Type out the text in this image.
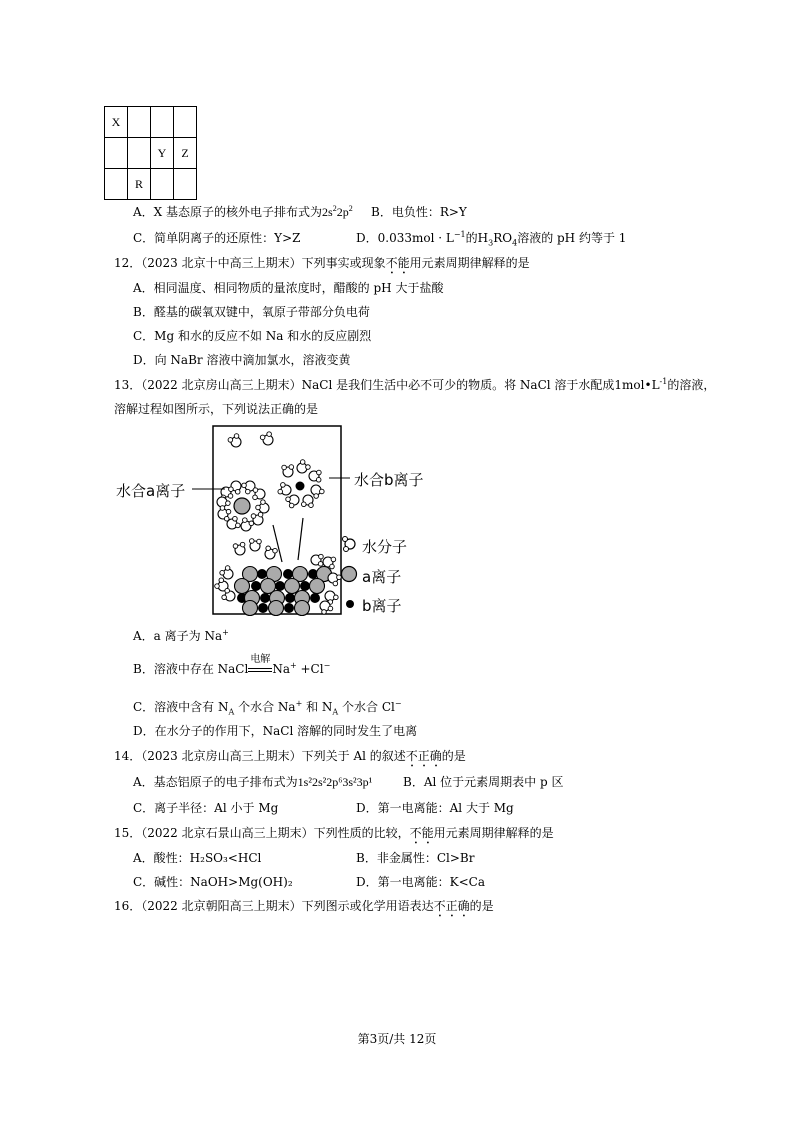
X			
		Y	Z
	R		
A．X 基态原子的核外电子排布式为$2s^22p^2$ B．电负性：R>Y
C．简单阴离子的还原性：Y>Z	D．$0.033mol \cdot L^{-1}$的$H_3RO_4$溶液的 pH 约等于 1
12．（2023 北京十中高三上期末）下列事实或现象不能用元素周期律解释的是
A．相同温度、相同物质的量浓度时，醋酸的 pH 大于盐酸
B．醛基的碳氧双键中，氧原子带部分负电荷
C．Mg 和水的反应不如 Na 和水的反应剧烈
D．向 NaBr 溶液中滴加氯水，溶液变黄
13．（2022 北京房山高三上期末）NaCl 是我们生活中必不可少的物质。将 NaCl 溶于水配成$1mol•L^{-1}$的溶液，
溶解过程如图所示，下列说法正确的是
水合a离子
水合b离子
水分子
a离子
b离子
A．a 离子为 Na+
B．溶液中存在 NaCl
电解
Na+ +Cl−
C．溶液中含有 $N_A$ 个水合 Na+ 和 $N_A$ 个水合 Cl−
D．在水分子的作用下，NaCl 溶解的同时发生了电离
14．（2023 北京房山高三上期末）下列关于 Al 的叙述不正确的是
A．基态铝原子的电子排布式为1s²2s²2p⁶3s²3p¹	B．Al 位于元素周期表中 p 区
C．离子半径：Al 小于 Mg	D．第一电离能：Al 大于 Mg
15．（2022 北京石景山高三上期末）下列性质的比较，不能用元素周期律解释的是
A．酸性：H₂SO₃<HCl	B．非金属性：Cl>Br
C．碱性：NaOH>Mg(OH)₂	D．第一电离能：K<Ca
16．（2022 北京朝阳高三上期末）下列图示或化学用语表达不正确的是
第3页/共 12页
